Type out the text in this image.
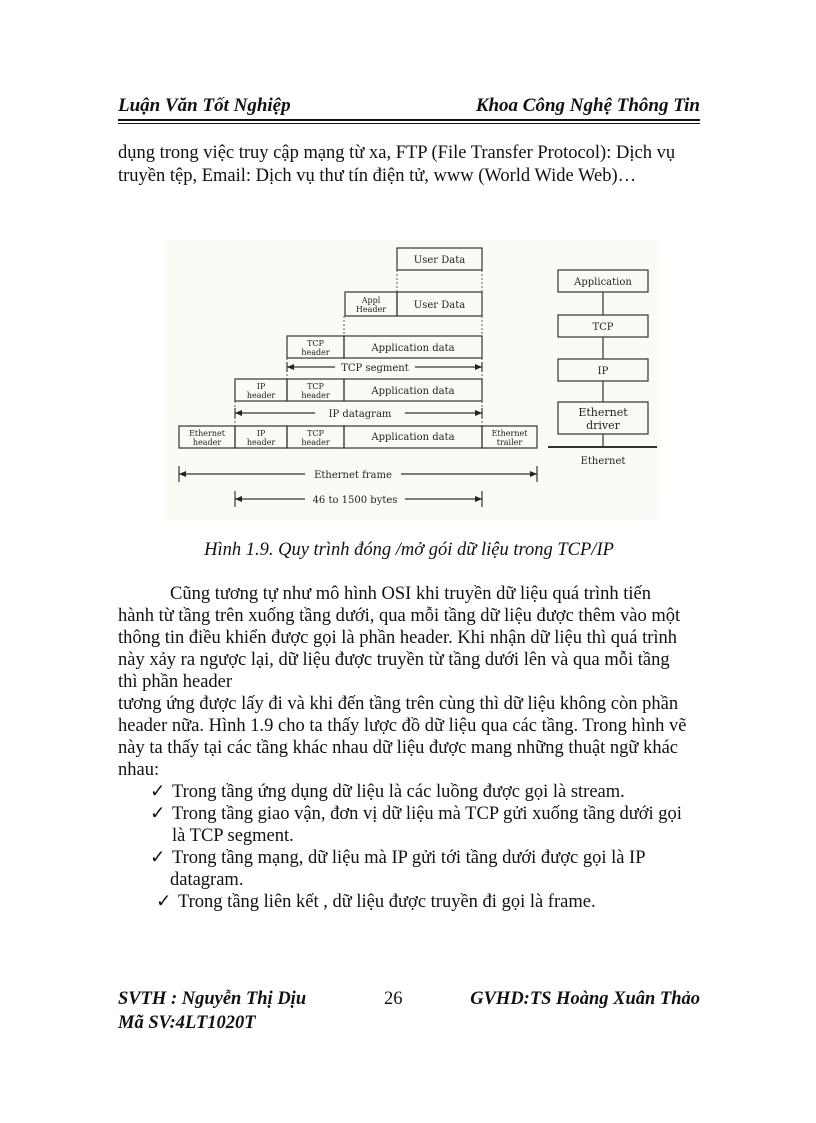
Luận Văn Tốt Nghiệp	Khoa Công Nghệ Thông Tin

dụng trong việc truy cập mạng từ xa, FTP (File Transfer Protocol): Dịch vụ

truyền tệp, Email: Dịch vụ thư tín điện tử, www (World Wide Web)…

User Data
Appl
Header	User Data
TCP
header	Application data
TCP segment
IP
header
TCP
header	Application data
IP datagram
Ethernet
header
IP
header
TCP
header	Application data	Ethernet
trailer
Ethernet frame
46 to 1500 bytes
Application
TCP
IP
Ethernet
driver
Ethernet
Hình 1.9. Quy trình đóng /mở gói dữ liệu trong TCP/IP

Cũng tương tự như mô hình OSI khi truyền dữ liệu quá trình tiến

hành từ tầng trên xuống tầng dưới, qua mỗi tầng dữ liệu được thêm vào một

thông tin điều khiển được gọi là phần header. Khi nhận dữ liệu thì quá trình

này xảy ra ngược lại, dữ liệu được truyền từ tầng dưới lên và qua mỗi tầng

thì phần header

tương ứng được lấy đi và khi đến tầng trên cùng thì dữ liệu không còn phần

header nữa. Hình 1.9 cho ta thấy lược đồ dữ liệu qua các tầng. Trong hình vẽ

này ta thấy tại các tầng khác nhau dữ liệu được mang những thuật ngữ khác

nhau:

✓ Trong tầng ứng dụng dữ liệu là các luồng được gọi là stream.
✓ Trong tầng giao vận, đơn vị dữ liệu mà TCP gửi xuống tầng dưới gọi
là TCP segment.
✓ Trong tầng mạng, dữ liệu mà IP gửi tới tầng dưới được gọi là IP
datagram.
✓ Trong tầng liên kết , dữ liệu được truyền đi gọi là frame.
SVTH : Nguyễn Thị Dịu	26	GVHD:TS Hoàng Xuân Thảo
Mã SV:4LT1020T
